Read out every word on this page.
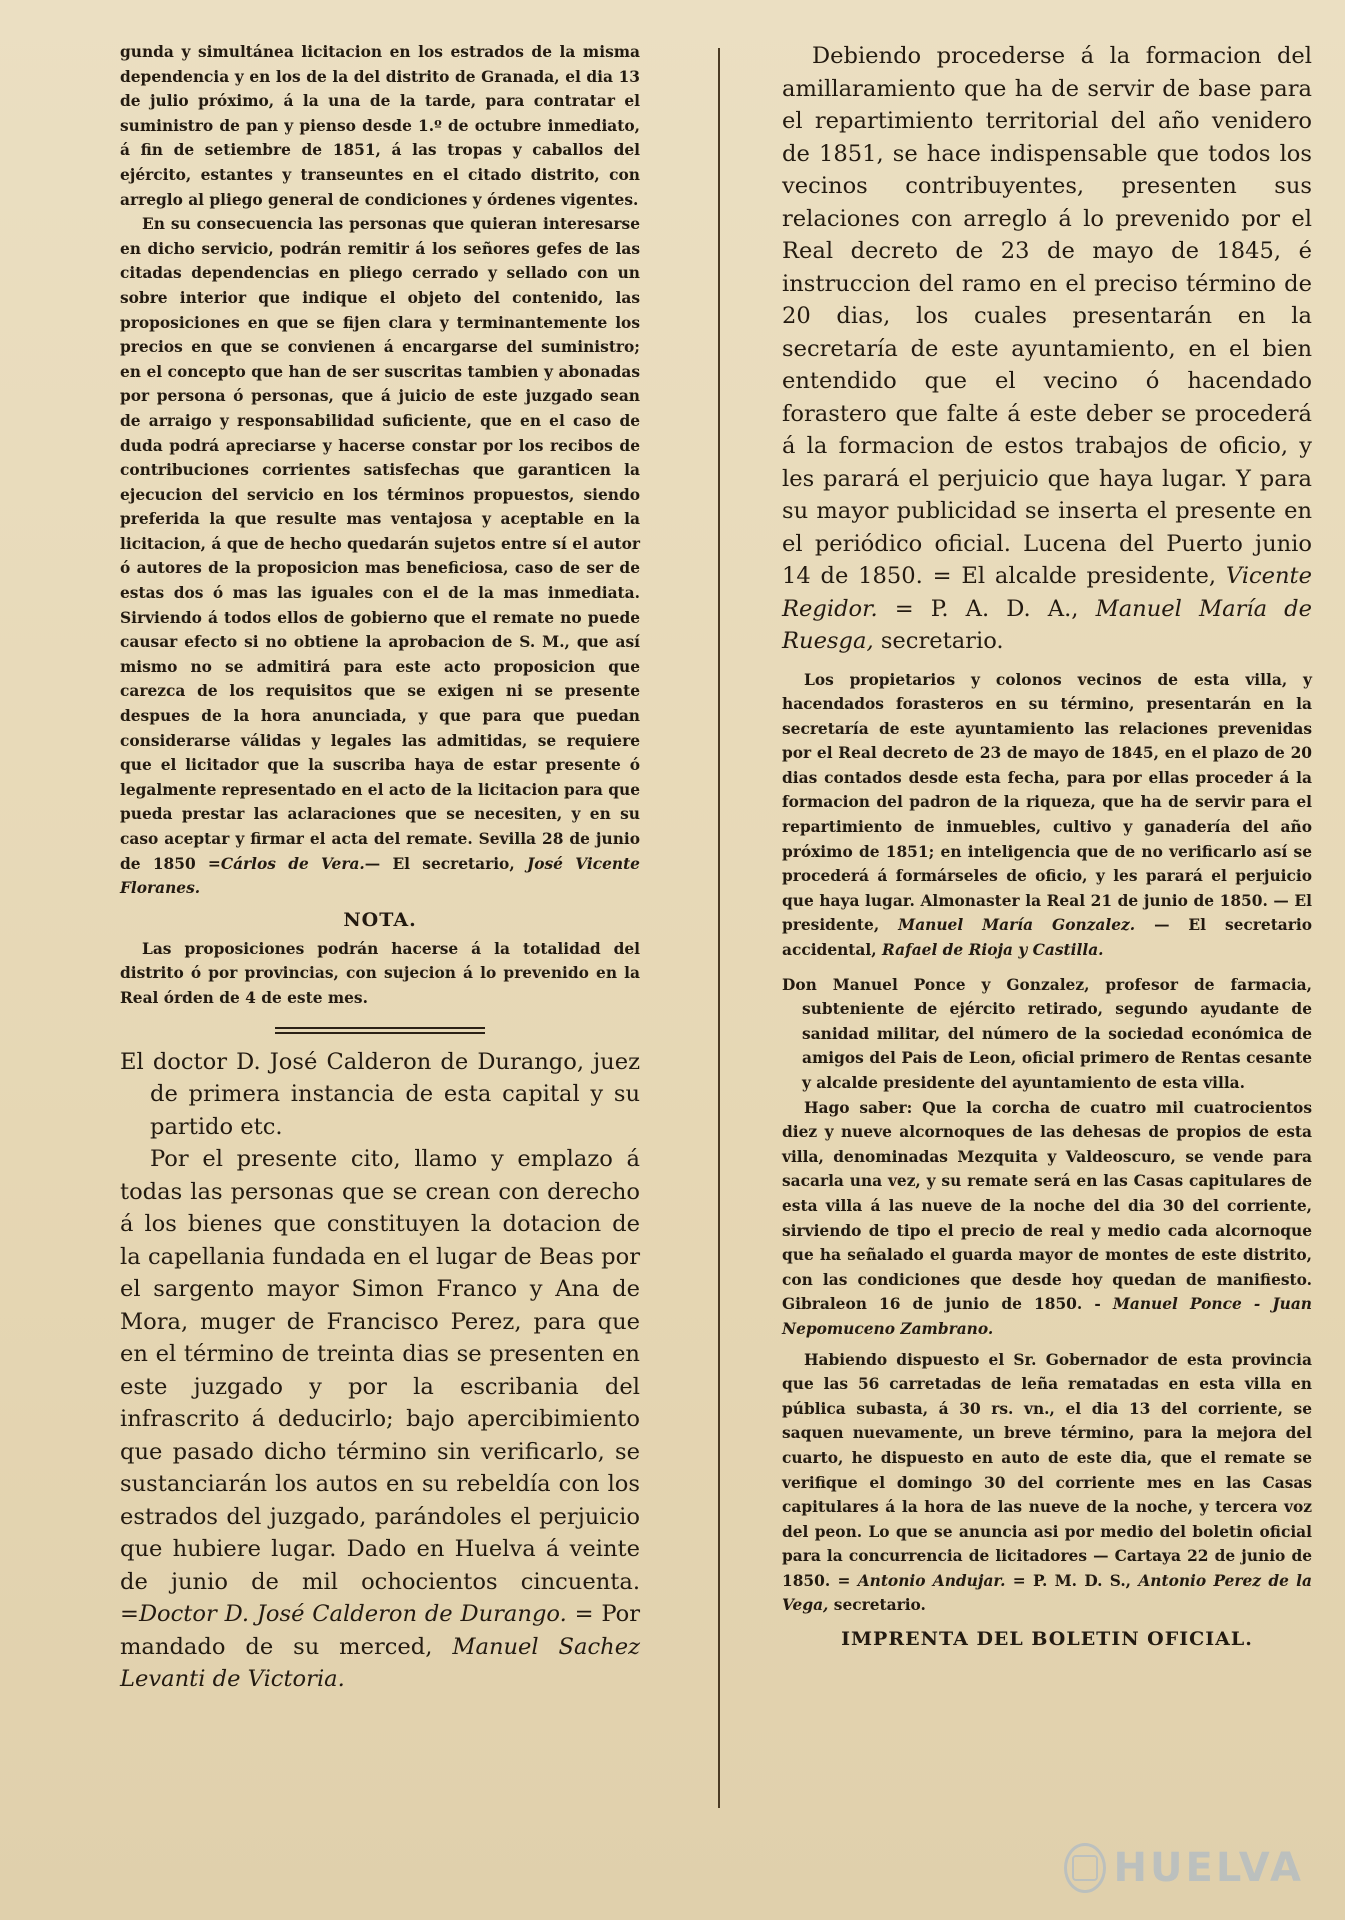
gunda y simultánea licitacion en los estrados de la misma dependencia y en los de la del distrito de Granada, el dia 13 de julio próximo, á la una de la tarde, para contratar el suministro de pan y pienso desde 1.º de octubre inmediato, á fin de setiembre de 1851, á las tropas y caballos del ejército, estantes y transeuntes en el citado distrito, con arreglo al pliego general de condiciones y órdenes vigentes.

En su consecuencia las personas que quieran interesarse en dicho servicio, podrán remitir á los señores gefes de las citadas dependencias en pliego cerrado y sellado con un sobre interior que indique el objeto del contenido, las proposiciones en que se fijen clara y terminantemente los precios en que se convienen á encargarse del suministro; en el concepto que han de ser suscritas tambien y abonadas por persona ó personas, que á juicio de este juzgado sean de arraigo y responsabilidad suficiente, que en el caso de duda podrá apreciarse y hacerse constar por los recibos de contribuciones corrientes satisfechas que garanticen la ejecucion del servicio en los términos propuestos, siendo preferida la que resulte mas ventajosa y aceptable en la licitacion, á que de hecho quedarán sujetos entre sí el autor ó autores de la proposicion mas beneficiosa, caso de ser de estas dos ó mas las iguales con el de la mas inmediata. Sirviendo á todos ellos de gobierno que el remate no puede causar efecto si no obtiene la aprobacion de S. M., que así mismo no se admitirá para este acto proposicion que carezca de los requisitos que se exigen ni se presente despues de la hora anunciada, y que para que puedan considerarse válidas y legales las admitidas, se requiere que el licitador que la suscriba haya de estar presente ó legalmente representado en el acto de la licitacion para que pueda prestar las aclaraciones que se necesiten, y en su caso aceptar y firmar el acta del remate. Sevilla 28 de junio de 1850 =Cárlos de Vera.— El secretario, José Vicente Floranes.

NOTA.

Las proposiciones podrán hacerse á la totalidad del distrito ó por provincias, con sujecion á lo prevenido en la Real órden de 4 de este mes.

El doctor D. José Calderon de Durango, juez de primera instancia de esta capital y su partido etc.

Por el presente cito, llamo y emplazo á todas las personas que se crean con derecho á los bienes que constituyen la dotacion de la capellania fundada en el lugar de Beas por el sargento mayor Simon Franco y Ana de Mora, muger de Francisco Perez, para que en el término de treinta dias se presenten en este juzgado y por la escribania del infrascrito á deducirlo; bajo apercibimiento que pasado dicho término sin verificarlo, se sustanciarán los autos en su rebeldía con los estrados del juzgado, parándoles el perjuicio que hubiere lugar. Dado en Huelva á veinte de junio de mil ochocientos cincuenta. =Doctor D. José Calderon de Durango. = Por mandado de su merced, Manuel Sachez Levanti de Victoria.

Debiendo procederse á la formacion del amillaramiento que ha de servir de base para el repartimiento territorial del año venidero de 1851, se hace indispensable que todos los vecinos contribuyentes, presenten sus relaciones con arreglo á lo prevenido por el Real decreto de 23 de mayo de 1845, é instruccion del ramo en el preciso término de 20 dias, los cuales presentarán en la secretaría de este ayuntamiento, en el bien entendido que el vecino ó hacendado forastero que falte á este deber se procederá á la formacion de estos trabajos de oficio, y les parará el perjuicio que haya lugar. Y para su mayor publicidad se inserta el presente en el periódico oficial. Lucena del Puerto junio 14 de 1850. = El alcalde presidente, Vicente Regidor. = P. A. D. A., Manuel María de Ruesga, secretario.

Los propietarios y colonos vecinos de esta villa, y hacendados forasteros en su término, presentarán en la secretaría de este ayuntamiento las relaciones prevenidas por el Real decreto de 23 de mayo de 1845, en el plazo de 20 dias contados desde esta fecha, para por ellas proceder á la formacion del padron de la riqueza, que ha de servir para el repartimiento de inmuebles, cultivo y ganadería del año próximo de 1851; en inteligencia que de no verificarlo así se procederá á formárseles de oficio, y les parará el perjuicio que haya lugar. Almonaster la Real 21 de junio de 1850. — El presidente, Manuel María Gonzalez. — El secretario accidental, Rafael de Rioja y Castilla.

Don Manuel Ponce y Gonzalez, profesor de farmacia, subteniente de ejército retirado, segundo ayudante de sanidad militar, del número de la sociedad económica de amigos del Pais de Leon, oficial primero de Rentas cesante y alcalde presidente del ayuntamiento de esta villa.

Hago saber: Que la corcha de cuatro mil cuatrocientos diez y nueve alcornoques de las dehesas de propios de esta villa, denominadas Mezquita y Valdeoscuro, se vende para sacarla una vez, y su remate será en las Casas capitulares de esta villa á las nueve de la noche del dia 30 del corriente, sirviendo de tipo el precio de real y medio cada alcornoque que ha señalado el guarda mayor de montes de este distrito, con las condiciones que desde hoy quedan de manifiesto. Gibraleon 16 de junio de 1850. - Manuel Ponce - Juan Nepomuceno Zambrano.

Habiendo dispuesto el Sr. Gobernador de esta provincia que las 56 carretadas de leña rematadas en esta villa en pública subasta, á 30 rs. vn., el dia 13 del corriente, se saquen nuevamente, un breve término, para la mejora del cuarto, he dispuesto en auto de este dia, que el remate se verifique el domingo 30 del corriente mes en las Casas capitulares á la hora de las nueve de la noche, y tercera voz del peon. Lo que se anuncia asi por medio del boletin oficial para la concurrencia de licitadores — Cartaya 22 de junio de 1850. = Antonio Andujar. = P. M. D. S., Antonio Perez de la Vega, secretario.

IMPRENTA DEL BOLETIN OFICIAL.

HUELVA
